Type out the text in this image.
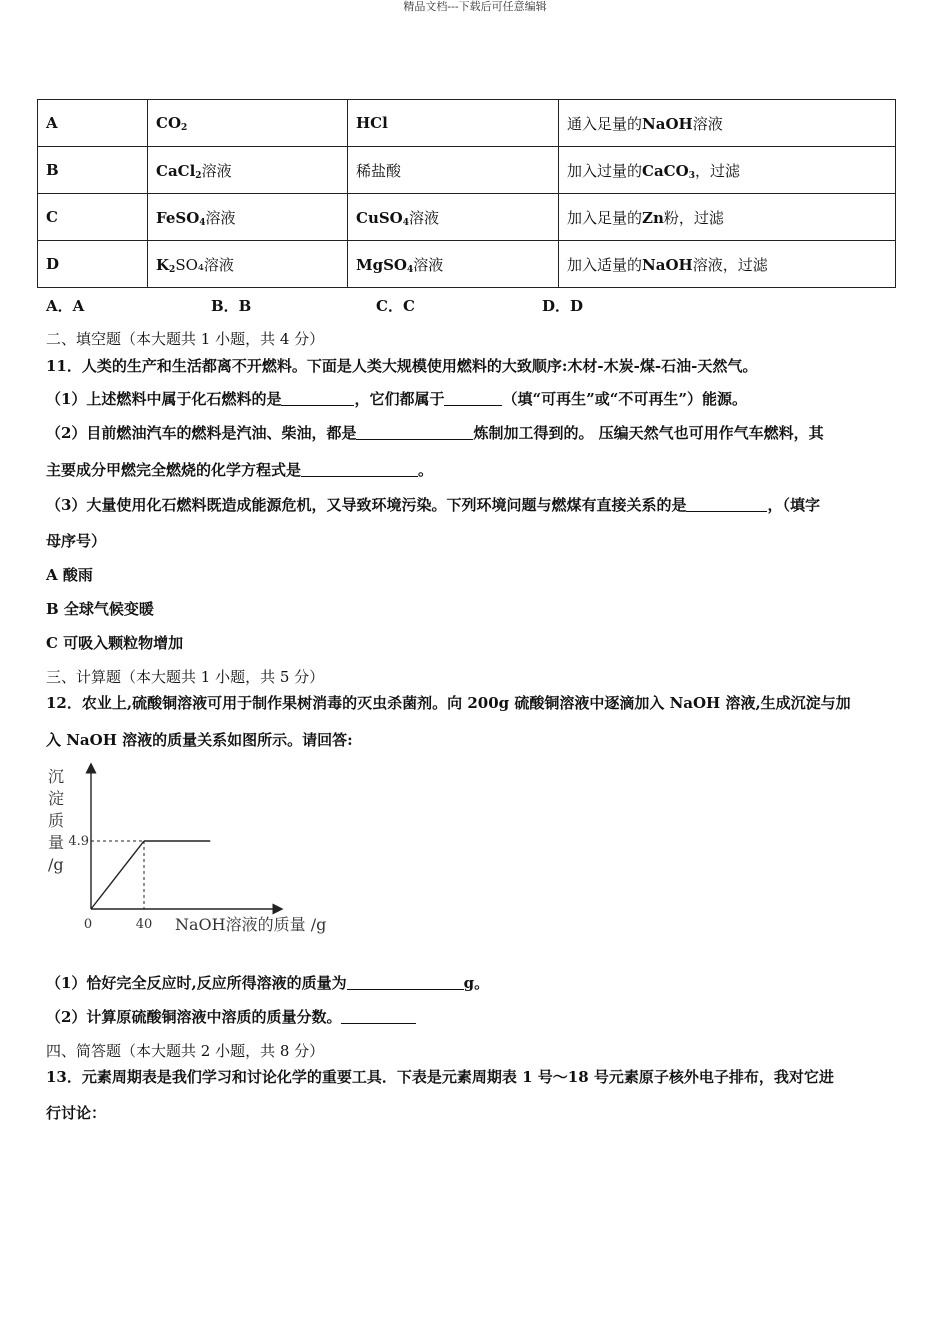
精品文档---下载后可任意编辑
A	$CO_2$	HCl	通入足量的NaOH溶液
B	CaCl$_2$溶液	稀盐酸	加入过量的CaCO$_3$，过滤
C	FeSO$_4$溶液	CuSO$_4$溶液	加入足量的Zn粉，过滤
D	$K_2SO_4$溶液	MgSO$_4$溶液	加入适量的NaOH溶液，过滤
A．A	B．B	C．C	D．D
二、填空题（本大题共 1 小题，共 4 分）
11．人类的生产和生活都离不开燃料。下面是人类大规模使用燃料的大致顺序:木材-木炭-煤-石油-天然气。
（1）上述燃料中属于化石燃料的是	，它们都属于	（填“可再生”或“不可再生”）能源。
（2）目前燃油汽车的燃料是汽油、柴油，都是	炼制加工得到的。 压编天然气也可用作气车燃料，其
主要成分甲燃完全燃烧的化学方程式是	。
（3）大量使用化石燃料既造成能源危机，又导致环境污染。下列环境问题与燃煤有直接关系的是	，（填字
母序号）
A 酸雨
B 全球气候变暖
C 可吸入颗粒物增加
三、计算题（本大题共 1 小题，共 5 分）
12．农业上,硫酸铜溶液可用于制作果树消毒的灭虫杀菌剂。向 200g 硫酸铜溶液中逐滴加入 NaOH 溶液,生成沉淀与加
入 NaOH 溶液的质量关系如图所示。请回答:
沉
淀
质
量
/g
0	40
4.9
NaOH溶液的质量 /g
（1）恰好完全反应时,反应所得溶液的质量为	g。
（2）计算原硫酸铜溶液中溶质的质量分数。
四、简答题（本大题共 2 小题，共 8 分）
13．元素周期表是我们学习和讨论化学的重要工具．下表是元素周期表 1 号～18 号元素原子核外电子排布，我对它进
行讨论：
